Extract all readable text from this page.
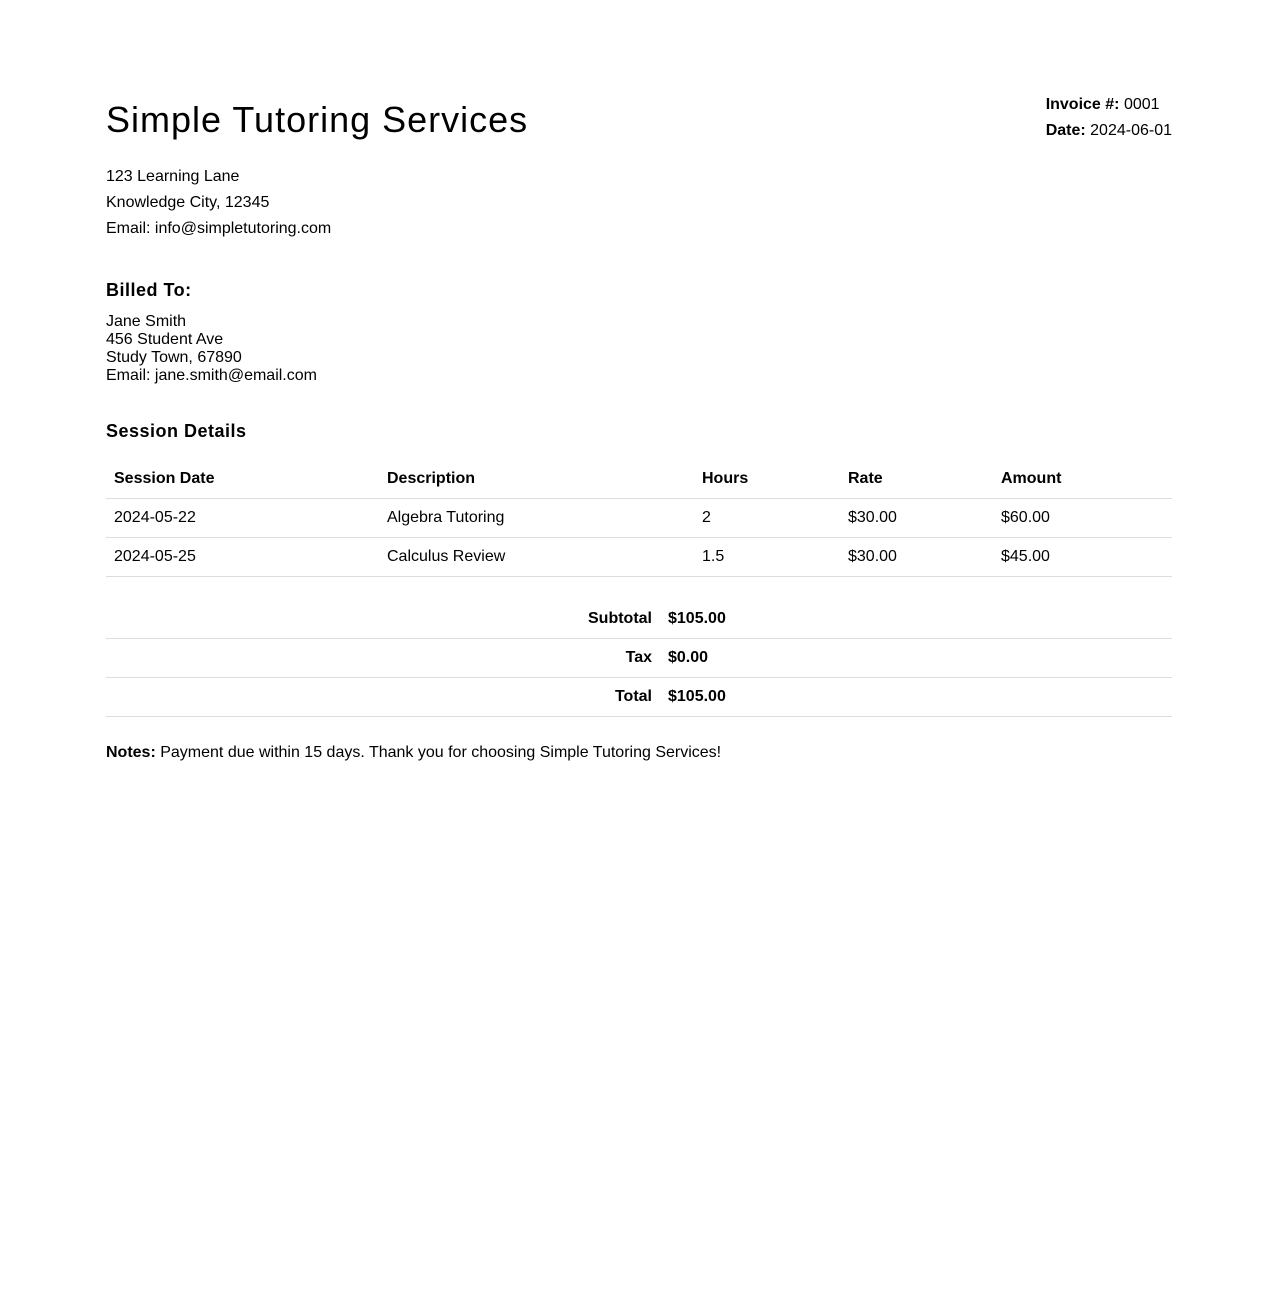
Simple Tutoring Services	Invoice #: 0001
Date: 2024-06-01
123 Learning Lane
Knowledge City, 12345
Email: info@simpletutoring.com
Billed To:
Jane Smith
456 Student Ave
Study Town, 67890
Email: jane.smith@email.com
Session Details
Session Date	Description	Hours	Rate	Amount
2024-05-22	Algebra Tutoring	2	$30.00	$60.00
2024-05-25	Calculus Review	1.5	$30.00	$45.00
Subtotal	$105.00
Tax	$0.00
Total	$105.00
Notes: Payment due within 15 days. Thank you for choosing Simple Tutoring Services!
